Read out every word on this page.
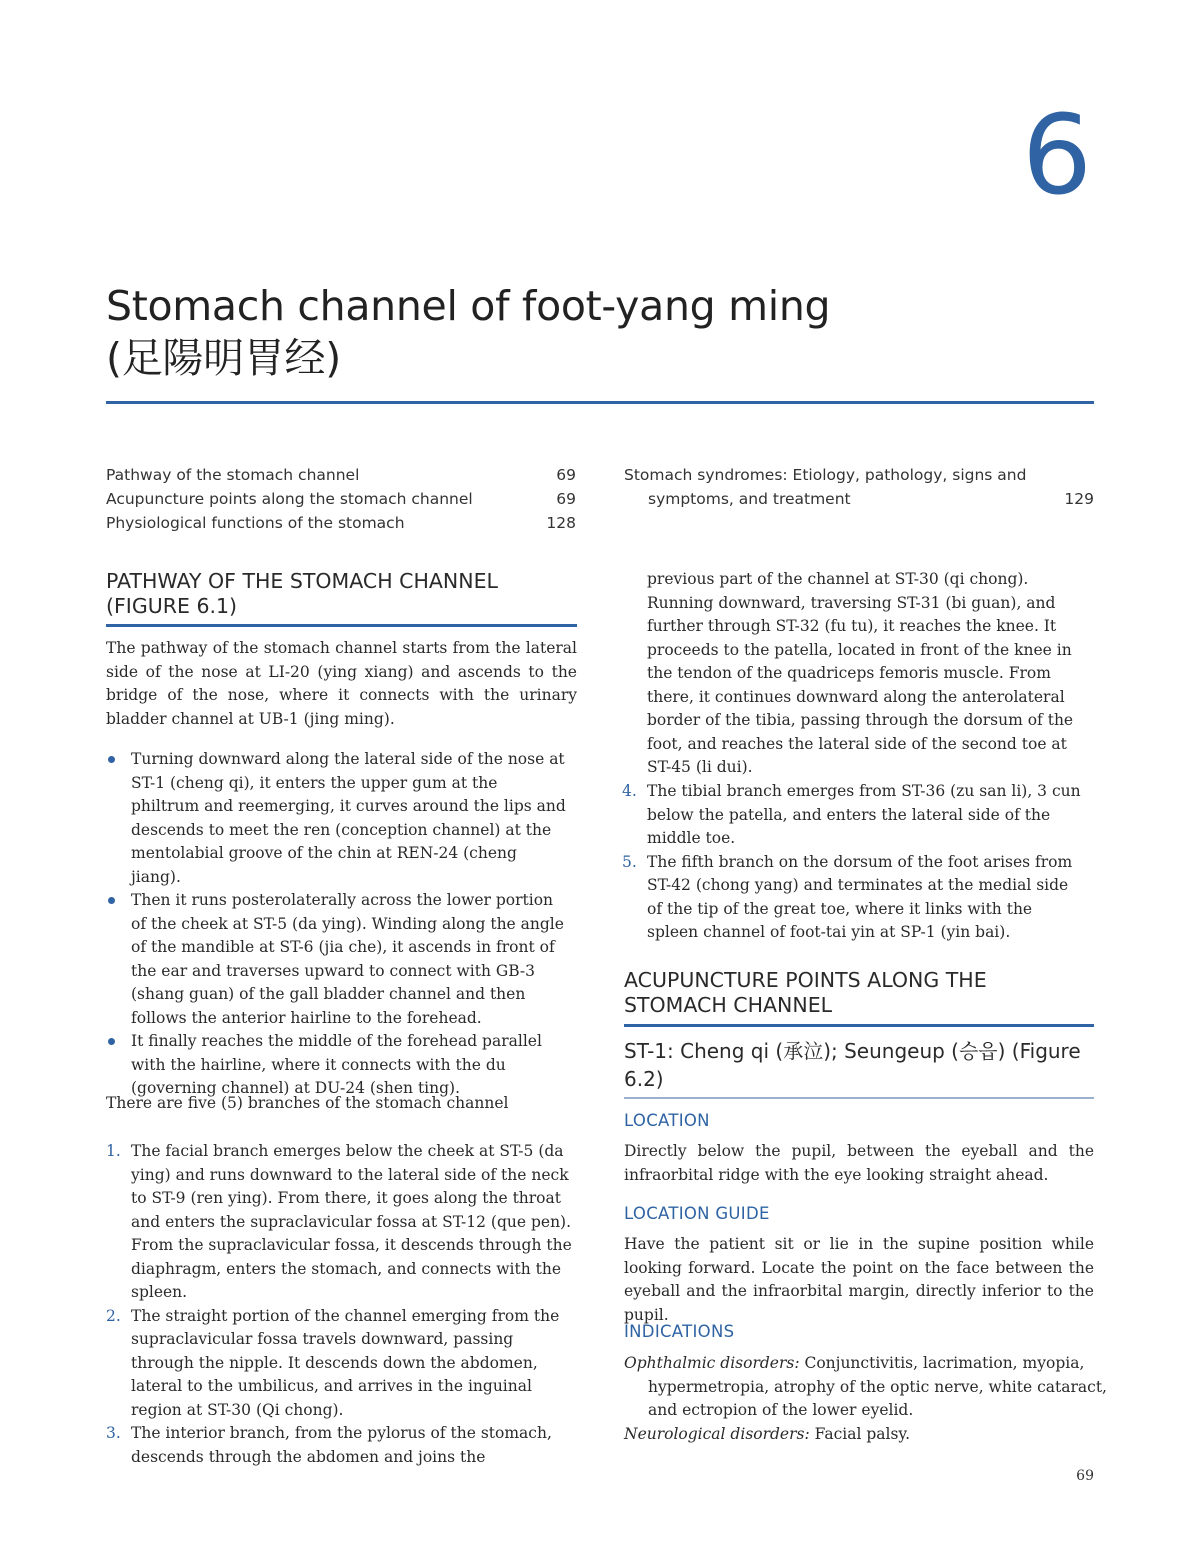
6
Stomach channel of foot-yang ming
(足陽明胃经)
Pathway of the stomach channel	69
Acupuncture points along the stomach channel	69
Physiological functions of the stomach	128
Stomach syndromes: Etiology, pathology, signs and
symptoms, and treatment	129
PATHWAY OF THE STOMACH CHANNEL (FIGURE 6.1)
The pathway of the stomach channel starts from the lateral side of the nose at LI-20 (ying xiang) and ascends to the bridge of the nose, where it connects with the urinary bladder channel at UB-1 (jing ming).
Turning downward along the lateral side of the nose at ST-1 (cheng qi), it enters the upper gum at the philtrum and reemerging, it curves around the lips and descends to meet the ren (conception channel) at the mentolabial groove of the chin at REN-24 (cheng jiang).
Then it runs posterolaterally across the lower portion of the cheek at ST-5 (da ying). Winding along the angle of the mandible at ST-6 (jia che), it ascends in front of the ear and traverses upward to connect with GB-3 (shang guan) of the gall bladder channel and then follows the anterior hairline to the forehead.
It finally reaches the middle of the forehead parallel with the hairline, where it connects with the du (governing channel) at DU-24 (shen ting).
There are five (5) branches of the stomach channel
1. The facial branch emerges below the cheek at ST-5 (da ying) and runs downward to the lateral side of the neck to ST-9 (ren ying). From there, it goes along the throat and enters the supraclavicular fossa at ST-12 (que pen). From the supraclavicular fossa, it descends through the diaphragm, enters the stomach, and connects with the spleen.
2. The straight portion of the channel emerging from the supraclavicular fossa travels downward, passing through the nipple. It descends down the abdomen, lateral to the umbilicus, and arrives in the inguinal region at ST-30 (Qi chong).
3. The interior branch, from the pylorus of the stomach, descends through the abdomen and joins the
previous part of the channel at ST-30 (qi chong). Running downward, traversing ST-31 (bi guan), and further through ST-32 (fu tu), it reaches the knee. It proceeds to the patella, located in front of the knee in the tendon of the quadriceps femoris muscle. From there, it continues downward along the anterolateral border of the tibia, passing through the dorsum of the foot, and reaches the lateral side of the second toe at ST-45 (li dui).
4. The tibial branch emerges from ST-36 (zu san li), 3 cun below the patella, and enters the lateral side of the middle toe.
5. The fifth branch on the dorsum of the foot arises from ST-42 (chong yang) and terminates at the medial side of the tip of the great toe, where it links with the spleen channel of foot-tai yin at SP-1 (yin bai).
ACUPUNCTURE POINTS ALONG THE STOMACH CHANNEL
ST-1: Cheng qi (承泣); Seungeup (승읍) (Figure 6.2)
LOCATION
Directly below the pupil, between the eyeball and the infraorbital ridge with the eye looking straight ahead.
LOCATION GUIDE
Have the patient sit or lie in the supine position while looking forward. Locate the point on the face between the eyeball and the infraorbital margin, directly inferior to the pupil.
INDICATIONS
Ophthalmic disorders: Conjunctivitis, lacrimation, myopia, hypermetropia, atrophy of the optic nerve, white cataract, and ectropion of the lower eyelid.
Neurological disorders: Facial palsy.
69
